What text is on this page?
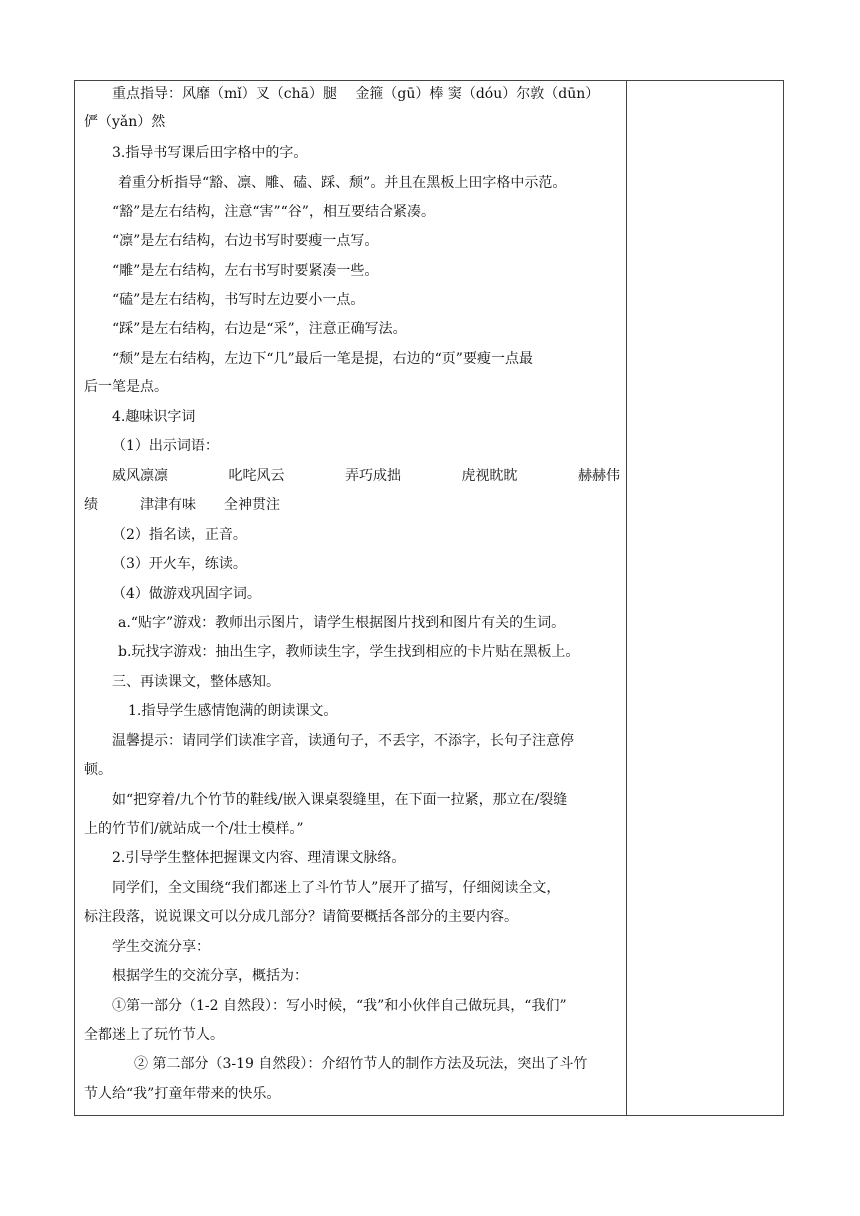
重点指导：风靡（mǐ）叉（chā）腿　 金箍（gū）棒 窦（dóu）尔敦（dūn）
俨（yǎn）然
3.指导书写课后田字格中的字。
着重分析指导“豁、凛、雕、磕、踩、颓”。并且在黑板上田字格中示范。
“豁”是左右结构，注意“害”“谷”，相互要结合紧凑。
“凛”是左右结构，右边书写时要瘦一点写。
“雕”是左右结构，左右书写时要紧凑一些。
“磕”是左右结构，书写时左边要小一点。
“踩”是左右结构，右边是“采”，注意正确写法。
“颓”是左右结构，左边下“几”最后一笔是提，右边的“页”要瘦一点最
后一笔是点。
4.趣味识字词
（1）出示词语：
威风凛凛	叱咤风云	弄巧成拙	虎视眈眈	赫赫伟
绩　　　津津有味　　全神贯注
（2）指名读，正音。
（3）开火车，练读。
（4）做游戏巩固字词。
a.“贴字”游戏：教师出示图片，请学生根据图片找到和图片有关的生词。
b.玩找字游戏：抽出生字，教师读生字，学生找到相应的卡片贴在黑板上。
三、再读课文，整体感知。
1.指导学生感情饱满的朗读课文。
温馨提示：请同学们读准字音，读通句子，不丢字，不添字，长句子注意停
顿。
如“把穿着/九个竹节的鞋线/嵌入课桌裂缝里，在下面一拉紧，那立在/裂缝
上的竹节们/就站成一个/壮士模样。”
2.引导学生整体把握课文内容、理清课文脉络。
同学们，全文围绕“我们都迷上了斗竹节人”展开了描写，仔细阅读全文，
标注段落，说说课文可以分成几部分？请简要概括各部分的主要内容。
学生交流分享：
根据学生的交流分享，概括为：
①第一部分（1-2 自然段）：写小时候，“我”和小伙伴自己做玩具，“我们”
全都迷上了玩竹节人。
② 第二部分（3-19 自然段）：介绍竹节人的制作方法及玩法，突出了斗竹
节人给“我”打童年带来的快乐。
